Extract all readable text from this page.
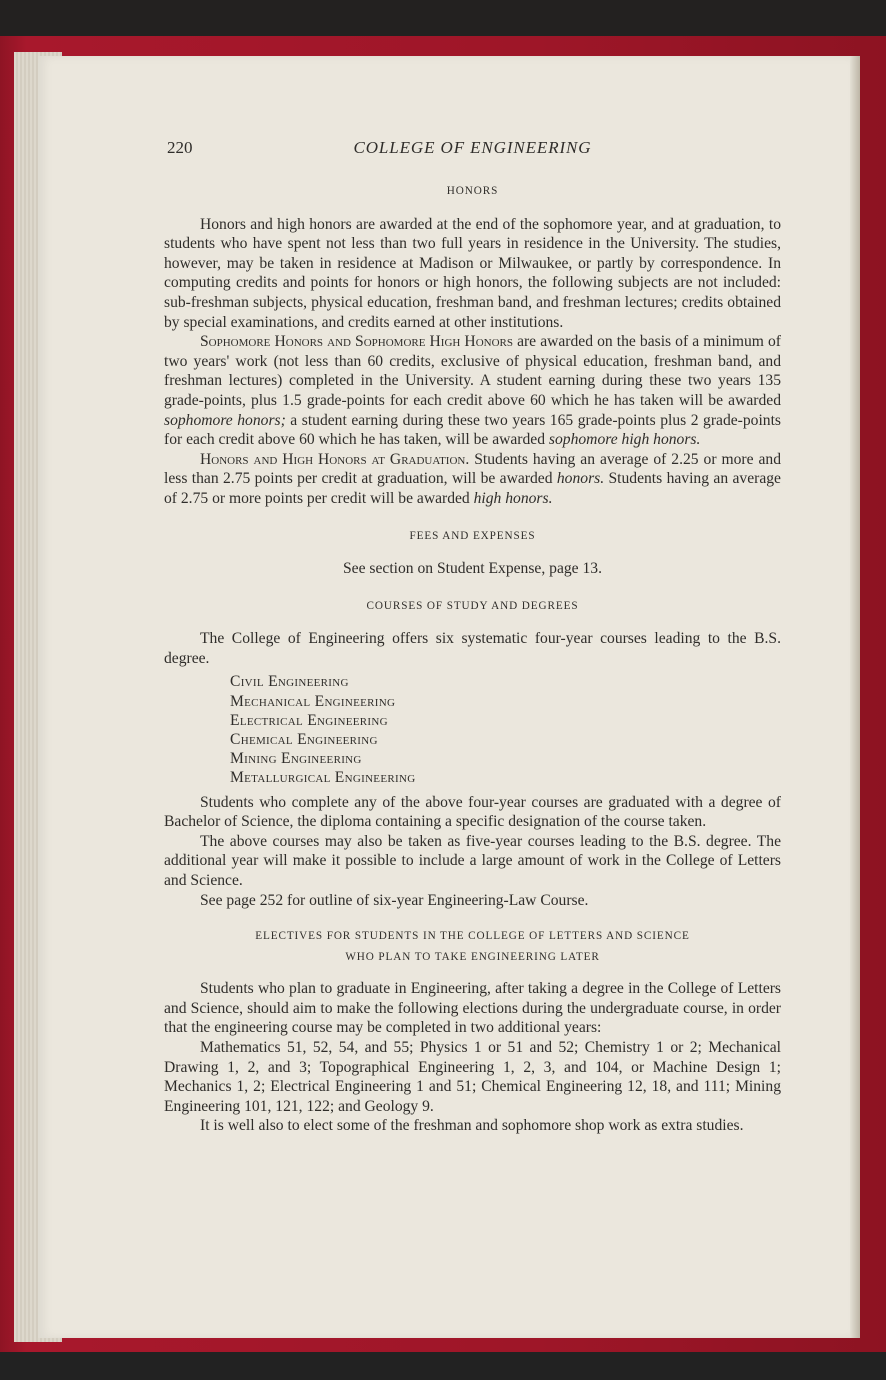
220	COLLEGE OF ENGINEERING
HONORS

Honors and high honors are awarded at the end of the sophomore year, and at graduation, to students who have spent not less than two full years in residence in the University. The studies, however, may be taken in residence at Madison or Milwaukee, or partly by correspondence. In computing credits and points for honors or high honors, the following subjects are not included: sub-freshman subjects, physical education, freshman band, and freshman lectures; credits obtained by special examinations, and credits earned at other institutions.

Sophomore Honors and Sophomore High Honors are awarded on the basis of a minimum of two years' work (not less than 60 credits, exclusive of physical education, freshman band, and freshman lectures) completed in the University. A student earning during these two years 135 grade-points, plus 1.5 grade-points for each credit above 60 which he has taken will be awarded sophomore honors; a student earning during these two years 165 grade-points plus 2 grade-points for each credit above 60 which he has taken, will be awarded sophomore high honors.

Honors and High Honors at Graduation. Students having an average of 2.25 or more and less than 2.75 points per credit at graduation, will be awarded honors. Students having an average of 2.75 or more points per credit will be awarded high honors.

FEES AND EXPENSES

See section on Student Expense, page 13.

COURSES OF STUDY AND DEGREES

The College of Engineering offers six systematic four-year courses leading to the B.S. degree.

Civil Engineering
Mechanical Engineering
Electrical Engineering
Chemical Engineering
Mining Engineering
Metallurgical Engineering

Students who complete any of the above four-year courses are graduated with a degree of Bachelor of Science, the diploma containing a specific designation of the course taken.

The above courses may also be taken as five-year courses leading to the B.S. degree. The additional year will make it possible to include a large amount of work in the College of Letters and Science.

See page 252 for outline of six-year Engineering-Law Course.

ELECTIVES FOR STUDENTS IN THE COLLEGE OF LETTERS AND SCIENCE
WHO PLAN TO TAKE ENGINEERING LATER

Students who plan to graduate in Engineering, after taking a degree in the College of Letters and Science, should aim to make the following elections during the undergraduate course, in order that the engineering course may be completed in two additional years:

Mathematics 51, 52, 54, and 55; Physics 1 or 51 and 52; Chemistry 1 or 2; Mechanical Drawing 1, 2, and 3; Topographical Engineering 1, 2, 3, and 104, or Machine Design 1; Mechanics 1, 2; Electrical Engineering 1 and 51; Chemical Engineering 12, 18, and 111; Mining Engineering 101, 121, 122; and Geology 9.

It is well also to elect some of the freshman and sophomore shop work as extra studies.
